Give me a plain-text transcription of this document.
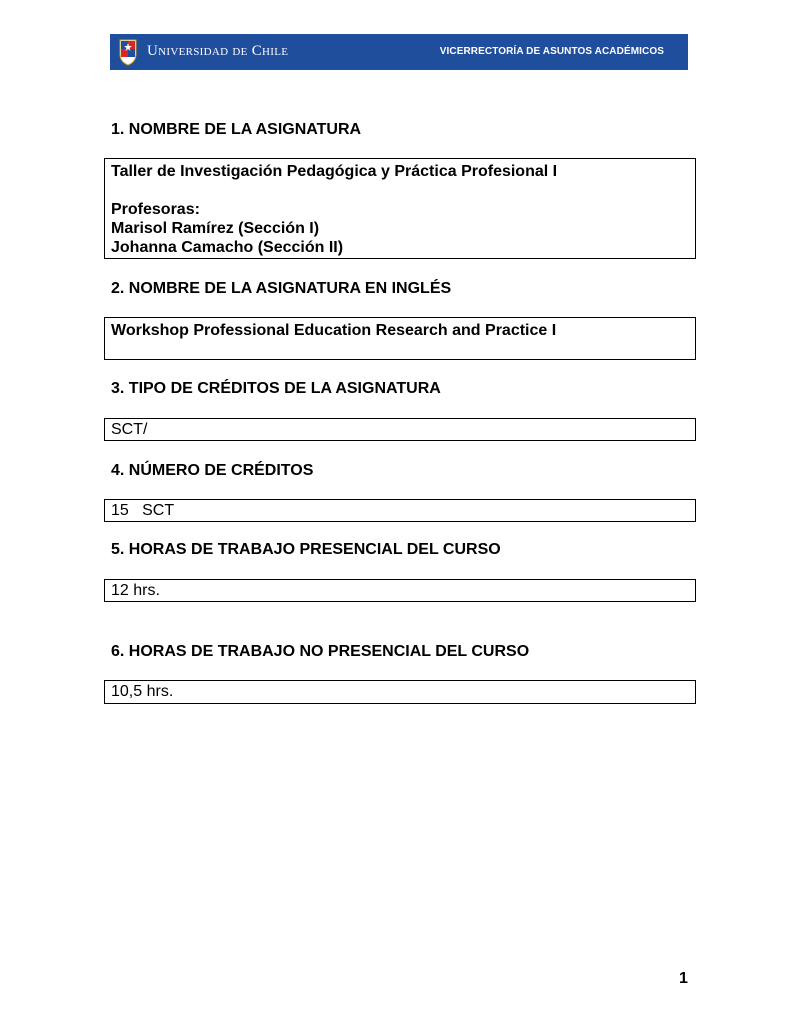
Universidad de Chile	VICERRECTORÍA DE ASUNTOS ACADÉMICOS
1. NOMBRE DE LA ASIGNATURA
Taller de Investigación Pedagógica y Práctica Profesional I
Profesoras:
Marisol Ramírez (Sección I)
Johanna Camacho (Sección II)
2. NOMBRE DE LA ASIGNATURA EN INGLÉS
Workshop Professional Education Research and Practice I
3. TIPO DE CRÉDITOS DE LA ASIGNATURA
SCT/
4. NÚMERO DE CRÉDITOS
15   SCT
5. HORAS DE TRABAJO PRESENCIAL DEL CURSO
12 hrs.
6. HORAS DE TRABAJO NO PRESENCIAL DEL CURSO
10,5 hrs.
1
